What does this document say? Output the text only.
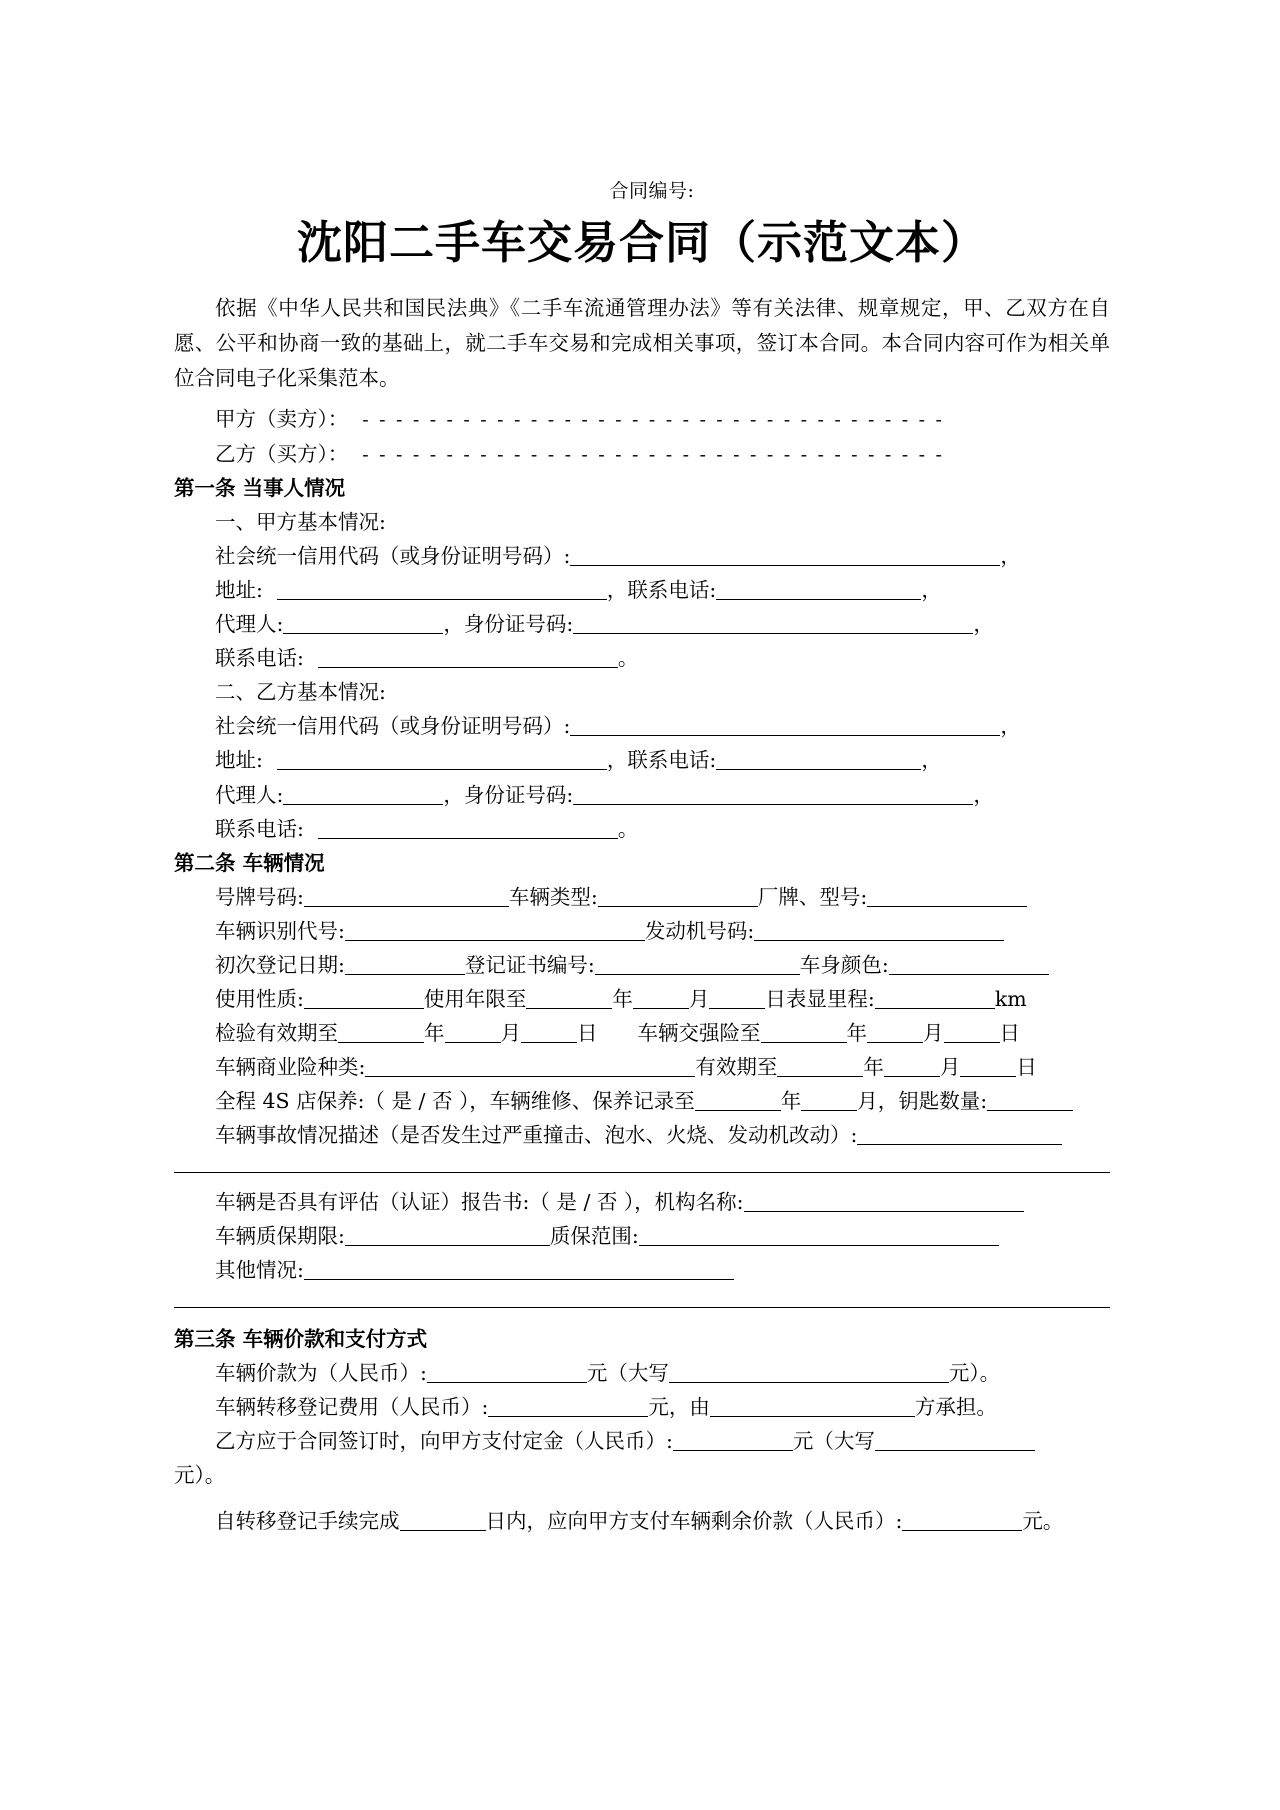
合同编号:
沈阳二手车交易合同（示范文本）
依据《中华人民共和国民法典》《二手车流通管理办法》等有关法律、规章规定，甲、乙双方在自愿、公平和协商一致的基础上，就二手车交易和完成相关事项，签订本合同。本合同内容可作为相关单位合同电子化采集范本。
甲方（卖方）： - - - - - - - - - - - - - - - - - - - - - - - - - - - - - - - - - - -
乙方（买方）： - - - - - - - - - - - - - - - - - - - - - - - - - - - - - - - - - - -
第一条 当事人情况
一、甲方基本情况:
社会统一信用代码（或身份证明号码）:	，
地址:	，联系电话:	，
代理人:	，身份证号码:	，
联系电话:	。
二、乙方基本情况:
社会统一信用代码（或身份证明号码）:	，
地址:	，联系电话:	，
代理人:	，身份证号码:	，
联系电话:	。
第二条 车辆情况
号牌号码:	车辆类型:	厂牌、型号:
车辆识别代号:	发动机号码:
初次登记日期:	登记证书编号:	车身颜色:
使用性质:	使用年限至	年	月	日表显里程:	km
检验有效期至	年	月	日 车辆交强险至	年	月	日
车辆商业险种类:	有效期至	年	月	日
全程 4S 店保养:（ 是 / 否 ），车辆维修、保养记录至	年	月，钥匙数量:
车辆事故情况描述（是否发生过严重撞击、泡水、火烧、发动机改动）:
车辆是否具有评估（认证）报告书:（ 是 / 否 ），机构名称:
车辆质保期限:	质保范围:
其他情况:
第三条 车辆价款和支付方式
车辆价款为（人民币）:	元（大写	元）。
车辆转移登记费用（人民币）:	元，由	方承担。
乙方应于合同签订时，向甲方支付定金（人民币）:	元（大写
元）。
自转移登记手续完成	日内，应向甲方支付车辆剩余价款（人民币）:	元。
